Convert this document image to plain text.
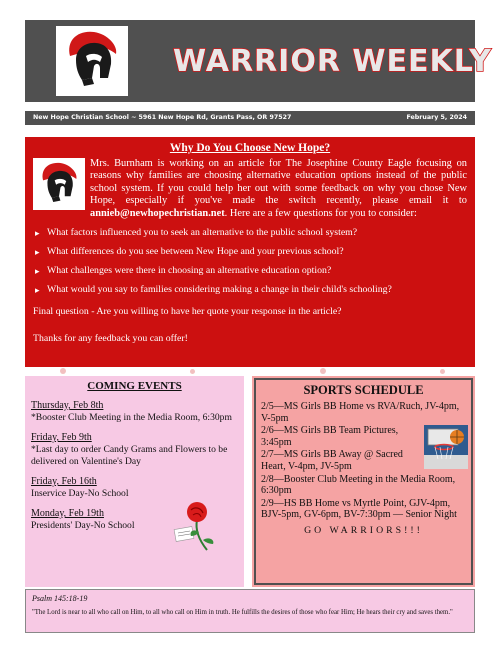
WARRIOR WEEKLY
New Hope Christian School ~ 5961 New Hope Rd, Grants Pass, OR 97527	February 5, 2024
Why Do You Choose New Hope?
Mrs. Burnham is working on an article for The Josephine County Eagle focusing on reasons why families are choosing alternative education options instead of the public school system. If you could help her out with some feedback on why you chose New Hope, especially if you've made the switch recently, please email it to annieb@newhopechristian.net. Here are a few questions for you to consider:
▸ What factors influenced you to seek an alternative to the public school system?
▸ What differences do you see between New Hope and your previous school?
▸ What challenges were there in choosing an alternative education option?
▸ What would you say to families considering making a change in their child's schooling?
Final question - Are you willing to have her quote your response in the article?
Thanks for any feedback you can offer!
COMING EVENTS
Thursday, Feb 8th
*Booster Club Meeting in the Media Room, 6:30pm
Friday, Feb 9th
*Last day to order Candy Grams and Flowers to be delivered on Valentine's Day
Friday, Feb 16th
Inservice Day-No School
Monday, Feb 19th
Presidents' Day-No School
SPORTS SCHEDULE
2/5—MS Girls BB Home vs RVA/Ruch, JV-4pm, V-5pm
2/6—MS Girls BB Team Pictures, 3:45pm
2/7—MS Girls BB Away @ Sacred Heart, V-4pm, JV-5pm
2/8—Booster Club Meeting in the Media Room, 6:30pm
2/9—HS BB Home vs Myrtle Point, GJV-4pm, BJV-5pm, GV-6pm, BV-7:30pm — Senior Night
GO WARRIORS!!!
Psalm 145:18-19
"The Lord is near to all who call on Him, to all who call on Him in truth. He fulfills the desires of those who fear Him; He hears their cry and saves them."
